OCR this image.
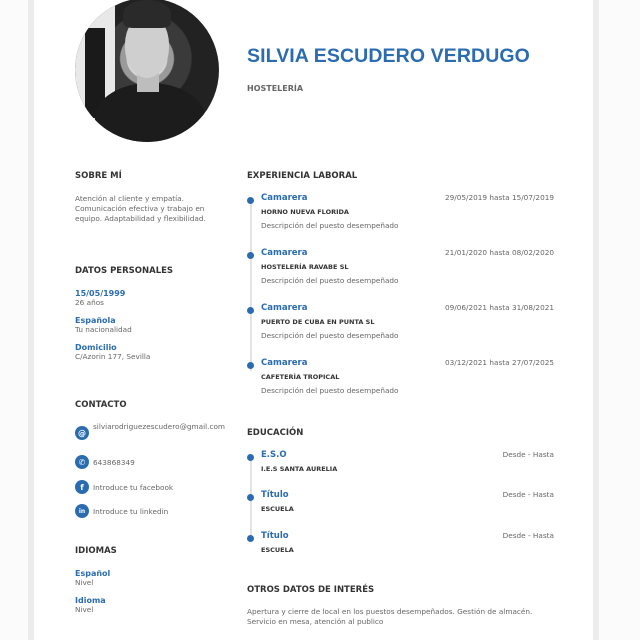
SILVIA ESCUDERO VERDUGO
HOSTELERÍA
SOBRE MÍ
Atención al cliente y empatía.
Comunicación efectiva y trabajo en
equipo. Adaptabilidad y flexibilidad.
DATOS PERSONALES
15/05/1999
26 años
Española
Tu nacionalidad
Domicilio
C/Azorin 177, Sevilla
CONTACTO
@
silviarodriguezescudero@gmail.com
✆	643868349
f	Introduce tu facebook
in	Introduce tu linkedin
IDIOMAS
Español
Nivel
Idioma
Nivel
EXPERIENCIA LABORAL
Camarera	29/05/2019 hasta 15/07/2019
HORNO NUEVA FLORIDA
Descripción del puesto desempeñado
Camarera	21/01/2020 hasta 08/02/2020
HOSTELERÍA RAVABE SL
Descripción del puesto desempeñado
Camarera	09/06/2021 hasta 31/08/2021
PUERTO DE CUBA EN PUNTA SL
Descripción del puesto desempeñado
Camarera	03/12/2021 hasta 27/07/2025
CAFETERÍA TROPICAL
Descripción del puesto desempeñado
EDUCACIÓN
E.S.O	Desde - Hasta
I.E.S SANTA AURELIA
Título	Desde - Hasta
ESCUELA
Título	Desde - Hasta
ESCUELA
OTROS DATOS DE INTERÉS
Apertura y cierre de local en los puestos desempeñados. Gestión de almacén.
Servicio en mesa, atención al publico
